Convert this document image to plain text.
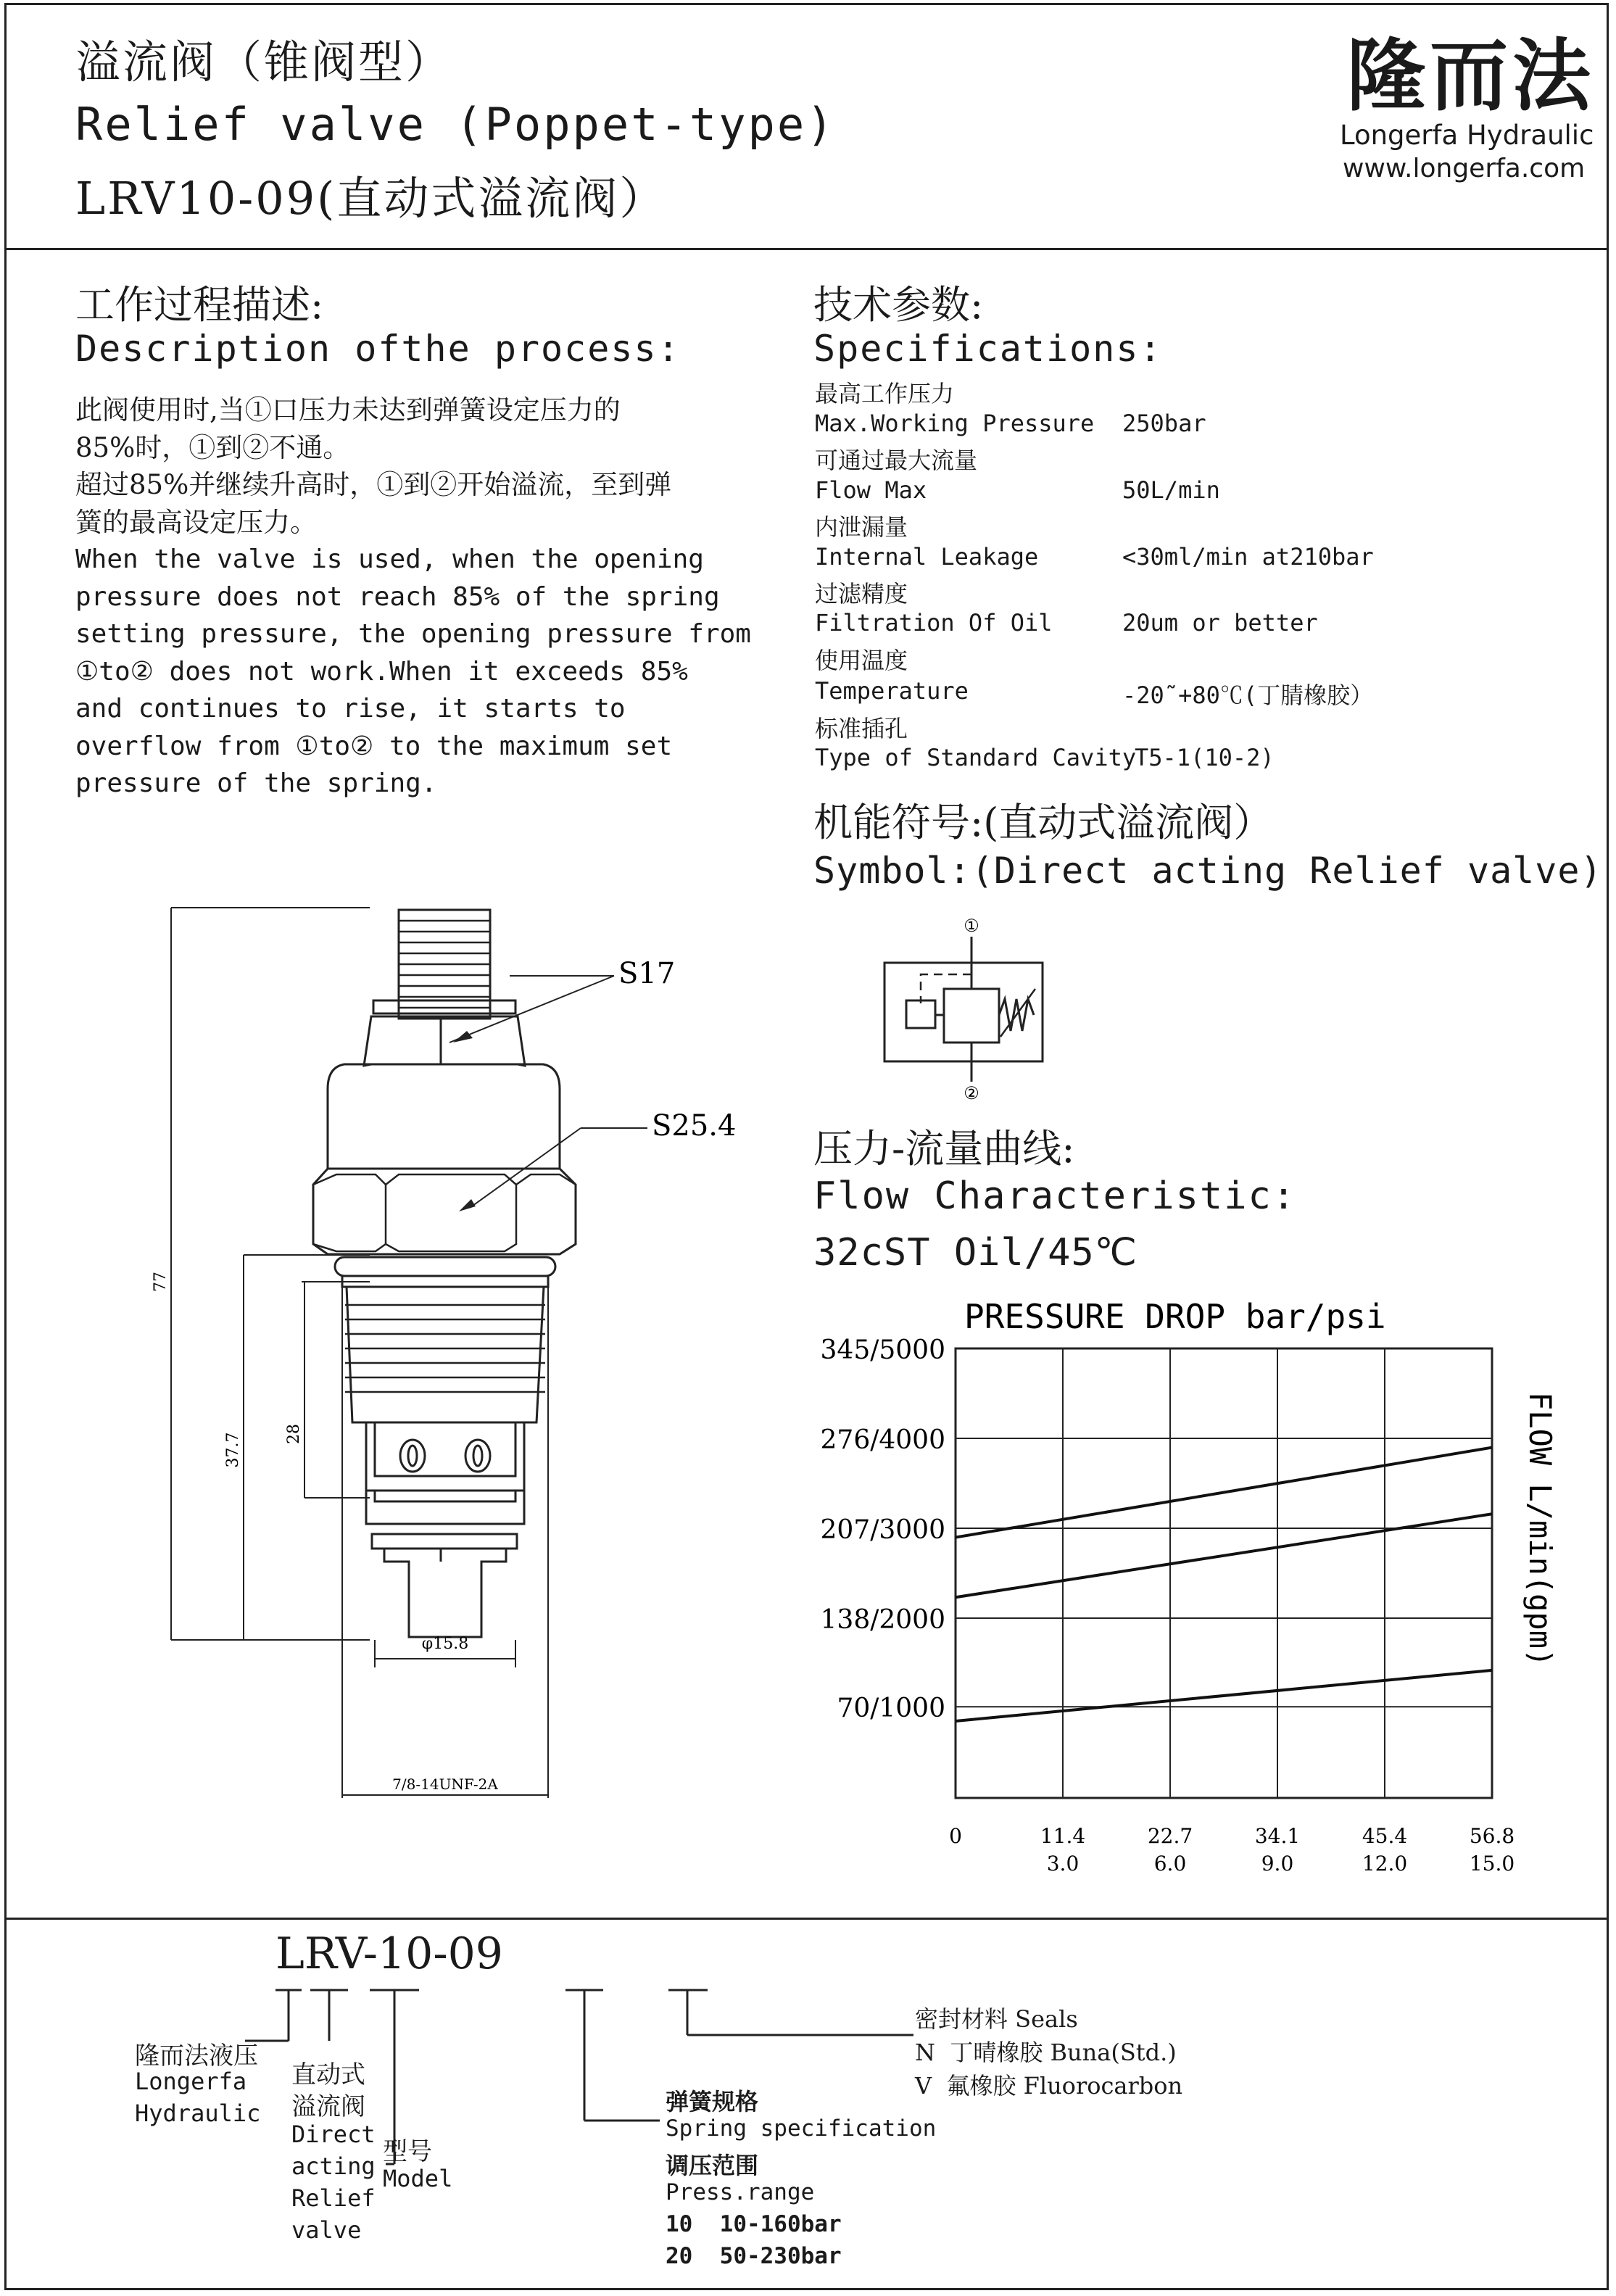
溢流阀（锥阀型）
Relief valve (Poppet-type)
LRV10-09(直动式溢流阀）
隆而法
Longerfa Hydraulic
www.longerfa.com
工作过程描述:
Description ofthe process:
此阀使用时,当①口压力未达到弹簧设定压力的
85%时，①到②不通。
超过85%并继续升高时，①到②开始溢流，至到弹
簧的最高设定压力。
When the valve is used, when the opening
pressure does not reach 85% of the spring
setting pressure, the opening pressure from
①to② does not work.When it exceeds 85%
and continues to rise, it starts to
overflow from ①to② to the maximum set
pressure of the spring.
技术参数:
Specifications:
最高工作压力
Max.Working Pressure 250bar
可通过最大流量
Flow Max	50L/min
内泄漏量
Internal Leakage	<30ml/min at210bar
过滤精度
Filtration Of Oil	20um or better
使用温度
Temperature	-20˜+80℃(丁腈橡胶）
标准插孔
Type of Standard Cavity
T5-1(10-2)
机能符号:(直动式溢流阀）
Symbol:(Direct acting Relief valve)
①
②
S17
S25.4
77
37.7	28
φ15.8
7/8-14UNF-2A
压力-流量曲线:
Flow Characteristic:
32cST Oil/45℃
PRESSURE DROP bar/psi
FLOW L/min(gpm)
345/5000
276/4000
207/3000
138/2000
70/1000
0	11.4
3.0
22.7
6.0
34.1
9.0
45.4
12.0
56.8
15.0
LRV-10-09
隆而法液压
Longerfa
Hydraulic
直动式
溢流阀
Direct
acting
Relief
valve
型号
Model
弹簧规格
Spring specification
调压范围
Press.range
10  10-160bar
20  50-230bar
密封材料 Seals
N  丁晴橡胶 Buna(Std.)
V  氟橡胶 Fluorocarbon
